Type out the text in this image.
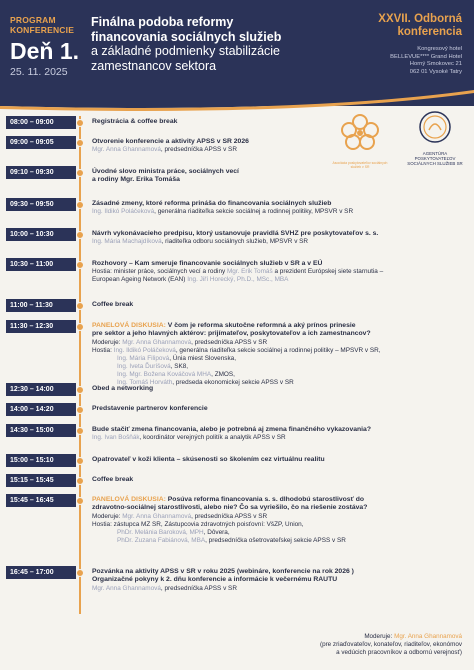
PROGRAM
KONFERENCIE
Deň 1.
25. 11. 2025
Finálna podoba reformy
financovania sociálnych služieb
a základné podmienky stabilizácie
zamestnancov sektora
XXVII. Odborná
konferencia
Kongresový hotel
BELLEVUE**** Grand Hotel
Horný Smokovec 21
062 01 Vysoké Tatry
Asociácia poskytovateľov sociálnych služieb v SR
AGENTÚRA
POSKYTOVATEĽOV
SOCIÁLNYCH SLUŽIEB SR
08:00 – 09:00	Registrácia & coffee break
09:00 – 09:05	Otvorenie konferencie a aktivity APSS v SR 2026
Mgr. Anna Ghannamová, predsedníčka APSS v SR
09:10 – 09:30	Úvodné slovo ministra práce, sociálnych vecí
a rodiny Mgr. Erika Tomáša
09:30 – 09:50	Zásadné zmeny, ktoré reforma prináša do financovania sociálnych služieb
Ing. Ildikó Poláčeková, generálna riaditeľka sekcie sociálnej a rodinnej politiky, MPSVR v SR
10:00 – 10:30	Návrh vykonávacieho predpisu, ktorý ustanovuje pravidlá SVHZ pre poskytovateľov s. s.
Ing. Mária Machajdíková, riaditeľka odboru sociálnych služieb, MPSVR v SR
10:30 – 11:00	Rozhovory – Kam smeruje financovanie sociálnych služieb v SR a v EÚ
Hostia: minister práce, sociálnych vecí a rodiny Mgr. Erik Tomáš a prezident Európskej siete starnutia –
European Ageing Network (EAN) Ing. Jiří Horecký, Ph.D., MSc., MBA
11:00 – 11:30	Coffee break
11:30 – 12:30	PANELOVÁ DISKUSIA: V čom je reforma skutočne reformná a aký prínos prinesie
pre sektor a jeho hlavných aktérov: prijímateľov, poskytovateľov a ich zamestnancov?
Moderuje: Mgr. Anna Ghannamová, predsedníčka APSS v SR
Hostia: Ing. Ildikó Poláčeková, generálna riaditeľka sekcie sociálnej a rodinnej politiky – MPSVR v SR,
Ing. Mária Filipová, Únia miest Slovenska,
Ing. Iveta Ďuríšová, SK8,
Ing. Mgr. Božena Kováčová MHA, ZMOS,
Ing. Tomáš Horváth, predseda ekonomickej sekcie APSS v SR
12:30 – 14:00	Obed a networking
14:00 – 14:20	Predstavenie partnerov konferencie
14:30 – 15:00	Bude stačiť zmena financovania, alebo je potrebná aj zmena finančného vykazovania?
Ing. Ivan Bošňák, koordinátor verejných politík a analytik APSS v SR
15:00 – 15:10	Opatrovateľ v koži klienta – skúsenosti so školením cez virtuálnu realitu
15:15 – 15:45	Coffee break
15:45 – 16:45	PANELOVÁ DISKUSIA: Posúva reforma financovania s. s. dlhodobú starostlivosť do
zdravotno-sociálnej starostlivosti, alebo nie? Čo sa vyriešilo, čo na riešenie zostáva?
Moderuje: Mgr. Anna Ghannamová, predsedníčka APSS v SR
Hostia: zástupca MZ SR, Zástupcovia zdravotných poisťovní: VšZP, Union,
PhDr. Melánia Baroková, MPH, Dôvera,
PhDr. Zuzana Fabiánová, MBA, predsedníčka ošetrovateľskej sekcie APSS v SR
16:45 – 17:00	Pozvánka na aktivity APSS v SR v roku 2025 (webináre, konferencie na rok 2026 )
Organizačné pokyny k 2. dňu konferencie a informácie k večernému RAUTU
Mgr. Anna Ghannamová, predsedníčka APSS v SR
Moderuje: Mgr. Anna Ghannamová
(pre zriaďovateľov, konateľov, riaditeľov, ekonómov
a vedúcich pracovníkov a odbornú verejnosť)
